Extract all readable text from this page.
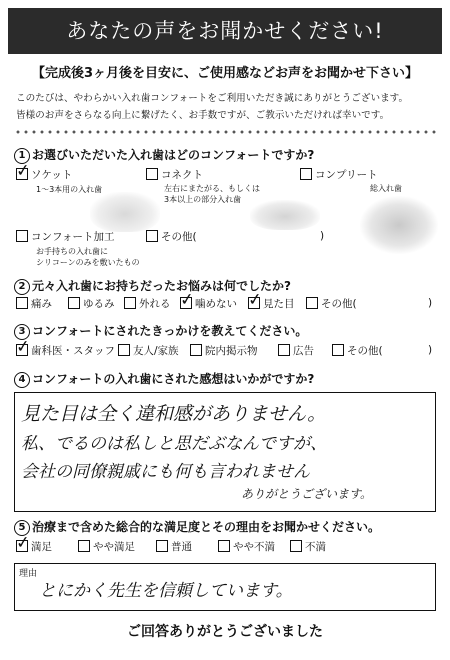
あなたの声をお聞かせください!
【完成後3ヶ月後を目安に、ご使用感などお声をお聞かせ下さい】
このたびは、やわらかい入れ歯コンフォートをご利用いただき誠にありがとうございます。
皆様のお声をさらなる向上に繋げたく、お手数ですが、ご教示いただければ幸いです。
1 お選びいただいた入れ歯はどのコンフォートですか?
✓ ソケット
1〜3本用の入れ歯
コネクト
左右にまたがる、もしくは
3本以上の部分入れ歯
コンプリート
総入れ歯
コンフォート加工
お手持ちの入れ歯に
シリコーンのみを敷いたもの
その他(	)
2 元々入れ歯にお持ちだったお悩みは何でしたか?
痛み	ゆるみ	外れる ✓ 噛めない ✓ 見た目	その他(	)
3 コンフォートにされたきっかけを教えてください。
✓ 歯科医・スタッフ	友人/家族	院内掲示物	広告	その他(	)
4 コンフォートの入れ歯にされた感想はいかがですか?
見た目は全く違和感がありません。
私、でるのは私しと思だぶなんですが、
会社の同僚親戚にも何も言われません
ありがとうございます。
5 治療まで含めた総合的な満足度とその理由をお聞かせください。
✓ 満足	やや満足	普通	やや不満	不満
理由
とにかく先生を信頼しています。
ご回答ありがとうございました
